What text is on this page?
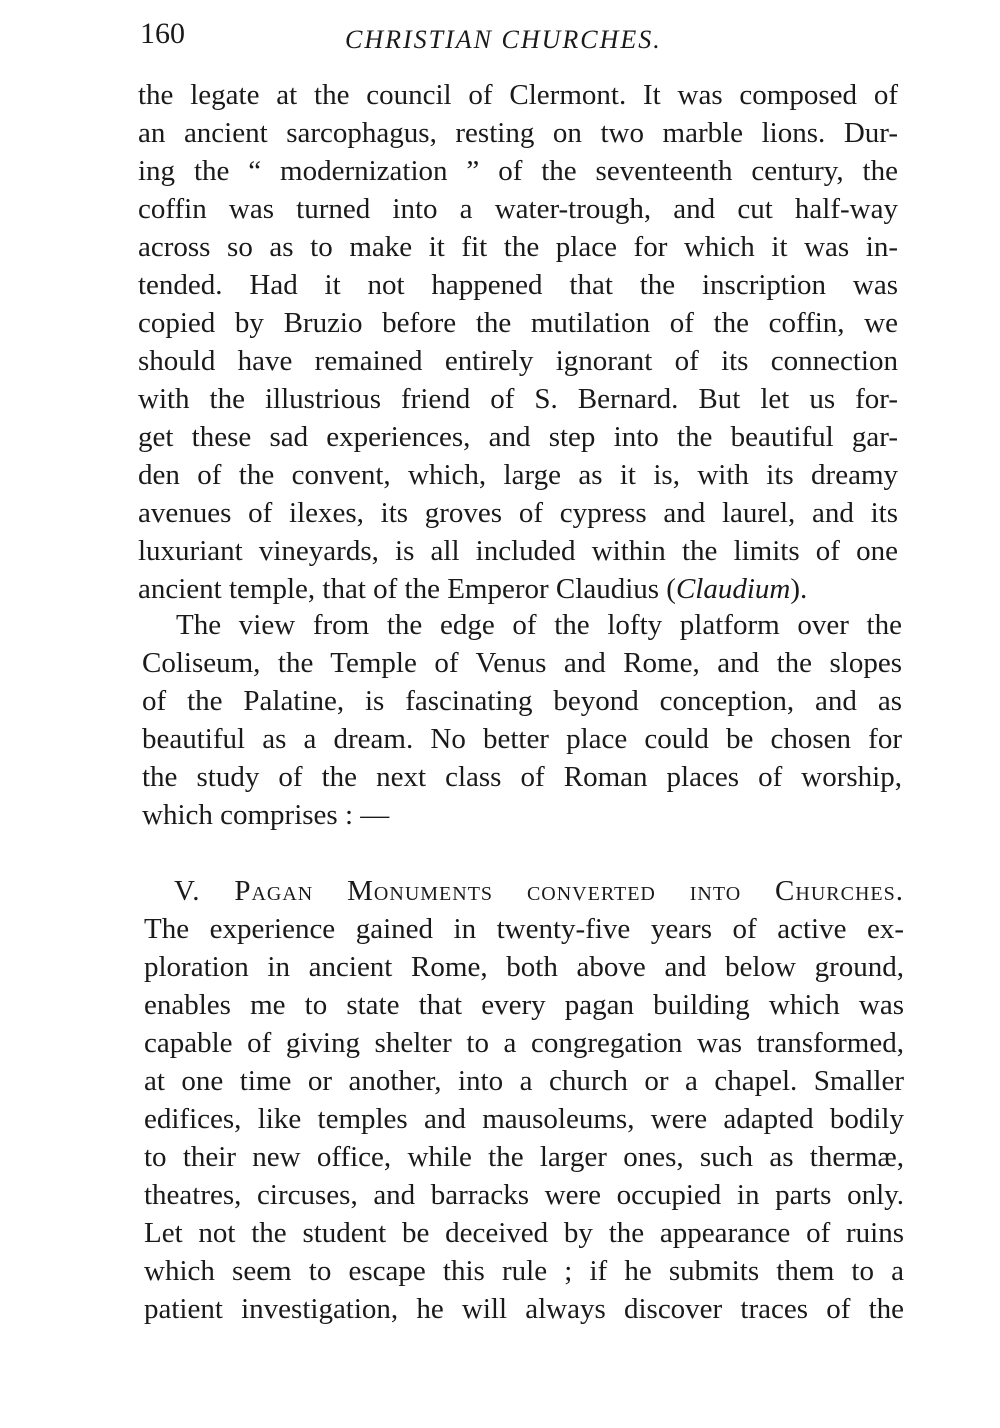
160	CHRISTIAN CHURCHES.
the legate at the council of Clermont. It was composed of
an ancient sarcophagus, resting on two marble lions. Dur-
ing the “ modernization ” of the seventeenth century, the
coffin was turned into a water-trough, and cut half-way
across so as to make it fit the place for which it was in-
tended. Had it not happened that the inscription was
copied by Bruzio before the mutilation of the coffin, we
should have remained entirely ignorant of its connection
with the illustrious friend of S. Bernard. But let us for-
get these sad experiences, and step into the beautiful gar-
den of the convent, which, large as it is, with its dreamy
avenues of ilexes, its groves of cypress and laurel, and its
luxuriant vineyards, is all included within the limits of one
ancient temple, that of the Emperor Claudius (Claudium).
The view from the edge of the lofty platform over the
Coliseum, the Temple of Venus and Rome, and the slopes
of the Palatine, is fascinating beyond conception, and as
beautiful as a dream. No better place could be chosen for
the study of the next class of Roman places of worship,
which comprises : —
V. Pagan Monuments converted into Churches.
The experience gained in twenty-five years of active ex-
ploration in ancient Rome, both above and below ground,
enables me to state that every pagan building which was
capable of giving shelter to a congregation was transformed,
at one time or another, into a church or a chapel. Smaller
edifices, like temples and mausoleums, were adapted bodily
to their new office, while the larger ones, such as thermæ,
theatres, circuses, and barracks were occupied in parts only.
Let not the student be deceived by the appearance of ruins
which seem to escape this rule ; if he submits them to a
patient investigation, he will always discover traces of the
